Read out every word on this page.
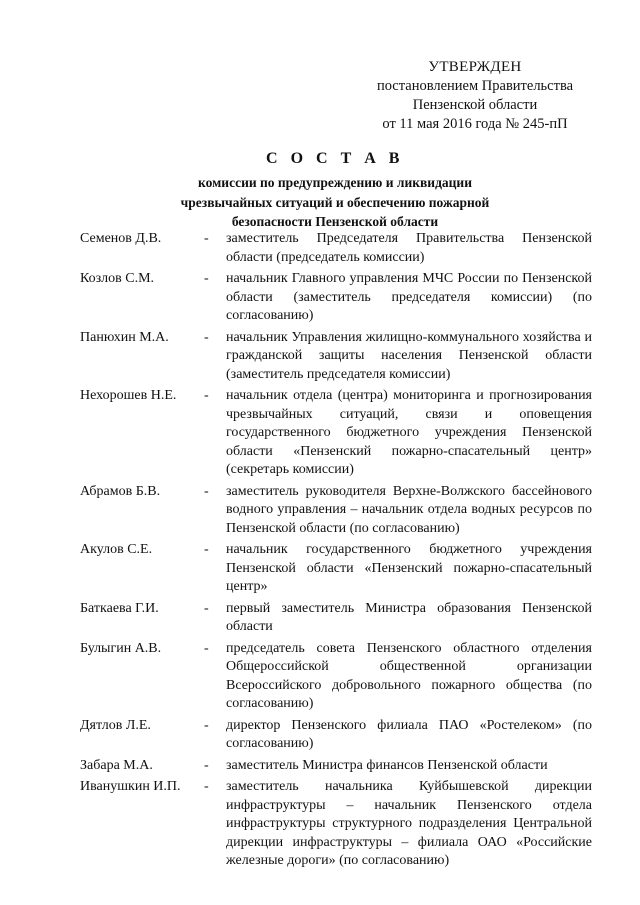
УТВЕРЖДЕН
постановлением Правительства
Пензенской области
от 11 мая 2016 года № 245-пП
С О С Т А В
комиссии по предупреждению и ликвидации
чрезвычайных ситуаций и обеспечению пожарной
безопасности Пензенской области
Семенов Д.В.	-	заместитель Председателя Правительства Пензенской области (председатель комиссии)
Козлов С.М.	-	начальник Главного управления МЧС России по Пензенской области (заместитель председателя комиссии) (по согласованию)
Панюхин М.А.	-	начальник Управления жилищно-коммунального хозяйства и гражданской защиты населения Пензенской области (заместитель председателя комиссии)
Нехорошев Н.Е.	-	начальник отдела (центра) мониторинга и прогнозирования чрезвычайных ситуаций, связи и оповещения государственного бюджетного учреждения Пензенской области «Пензенский пожарно-спасательный центр» (секретарь комиссии)
Абрамов Б.В.	-	заместитель руководителя Верхне-Волжского бассейнового водного управления – начальник отдела водных ресурсов по Пензенской области (по согласованию)
Акулов С.Е.	-	начальник государственного бюджетного учреждения Пензенской области «Пензенский пожарно-спасательный центр»
Баткаева Г.И.	-	первый заместитель Министра образования Пензенской области
Булыгин А.В.	-	председатель совета Пензенского областного отделения Общероссийской общественной организации Всероссийского добровольного пожарного общества (по согласованию)
Дятлов Л.Е.	-	директор Пензенского филиала ПАО «Ростелеком» (по согласованию)
Забара М.А.	-	заместитель Министра финансов Пензенской области
Иванушкин И.П.	-	заместитель начальника Куйбышевской дирекции инфраструктуры – начальник Пензенского отдела инфраструктуры структурного подразделения Центральной дирекции инфраструктуры – филиала ОАО «Российские железные дороги» (по согласованию)
